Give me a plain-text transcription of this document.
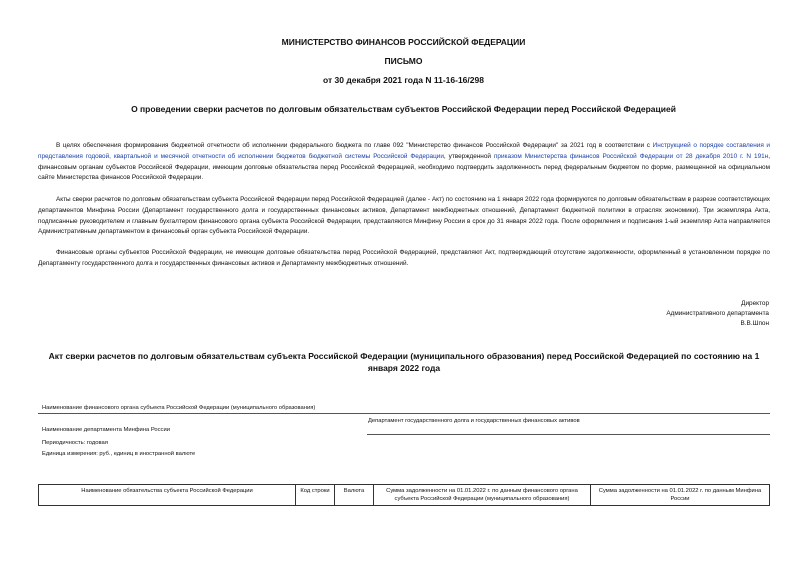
МИНИСТЕРСТВО ФИНАНСОВ РОССИЙСКОЙ ФЕДЕРАЦИИ
ПИСЬМО
от 30 декабря 2021 года N 11-16-16/298
О проведении сверки расчетов по долговым обязательствам субъектов Российской Федерации перед Российской Федерацией

В целях обеспечения формирования бюджетной отчетности об исполнении федерального бюджета по главе 092 "Министерство финансов Российской Федерации" за 2021 год в соответствии с Инструкцией о порядке составления и представления годовой, квартальной и месячной отчетности об исполнении бюджетов бюджетной системы Российской Федерации, утвержденной приказом Министерства финансов Российской Федерации от 28 декабря 2010 г. N 191н, финансовым органам субъектов Российской Федерации, имеющим долговые обязательства перед Российской Федерацией, необходимо подтвердить задолженность перед федеральным бюджетом по форме, размещенной на официальном сайте Министерства финансов Российской Федерации.

Акты сверки расчетов по долговым обязательствам субъекта Российской Федерации перед Российской Федерацией (далее - Акт) по состоянию на 1 января 2022 года формируются по долговым обязательствам в разрезе соответствующих департаментов Минфина России (Департамент государственного долга и государственных финансовых активов, Департамент межбюджетных отношений, Департамент бюджетной политики в отраслях экономики). Три экземпляра Акта, подписанные руководителем и главным бухгалтером финансового органа субъекта Российской Федерации, представляются Минфину России в срок до 31 января 2022 года. После оформления и подписания 1-ый экземпляр Акта направляется Административным департаментом в финансовый орган субъекта Российской Федерации.

Финансовые органы субъектов Российской Федерации, не имеющие долговые обязательства перед Российской Федерацией, представляют Акт, подтверждающий отсутствие задолженности, оформленный в установленном порядке по Департаменту государственного долга и государственных финансовых активов и Департаменту межбюджетных отношений.

Директор
Административного департамента
В.В.Шпон
Акт сверки расчетов по долговым обязательствам субъекта Российской Федерации (муниципального образования) перед Российской Федерацией по состоянию на 1 января 2022 года
Наименование финансового органа субъекта Российской Федерации (муниципального образования)
Департамент государственного долга и государственных финансовых активов
Наименование департамента Минфина России
Периодичность: годовая
Единица измерения: руб., единиц в иностранной валюте
Наименование обязательства субъекта Российской Федерации	Код строки	Валюта	Сумма задолженности на 01.01.2022 г. по данным финансового органа субъекта Российской Федерации (муниципального образования)	Сумма задолженности на 01.01.2022 г. по данным Минфина России
